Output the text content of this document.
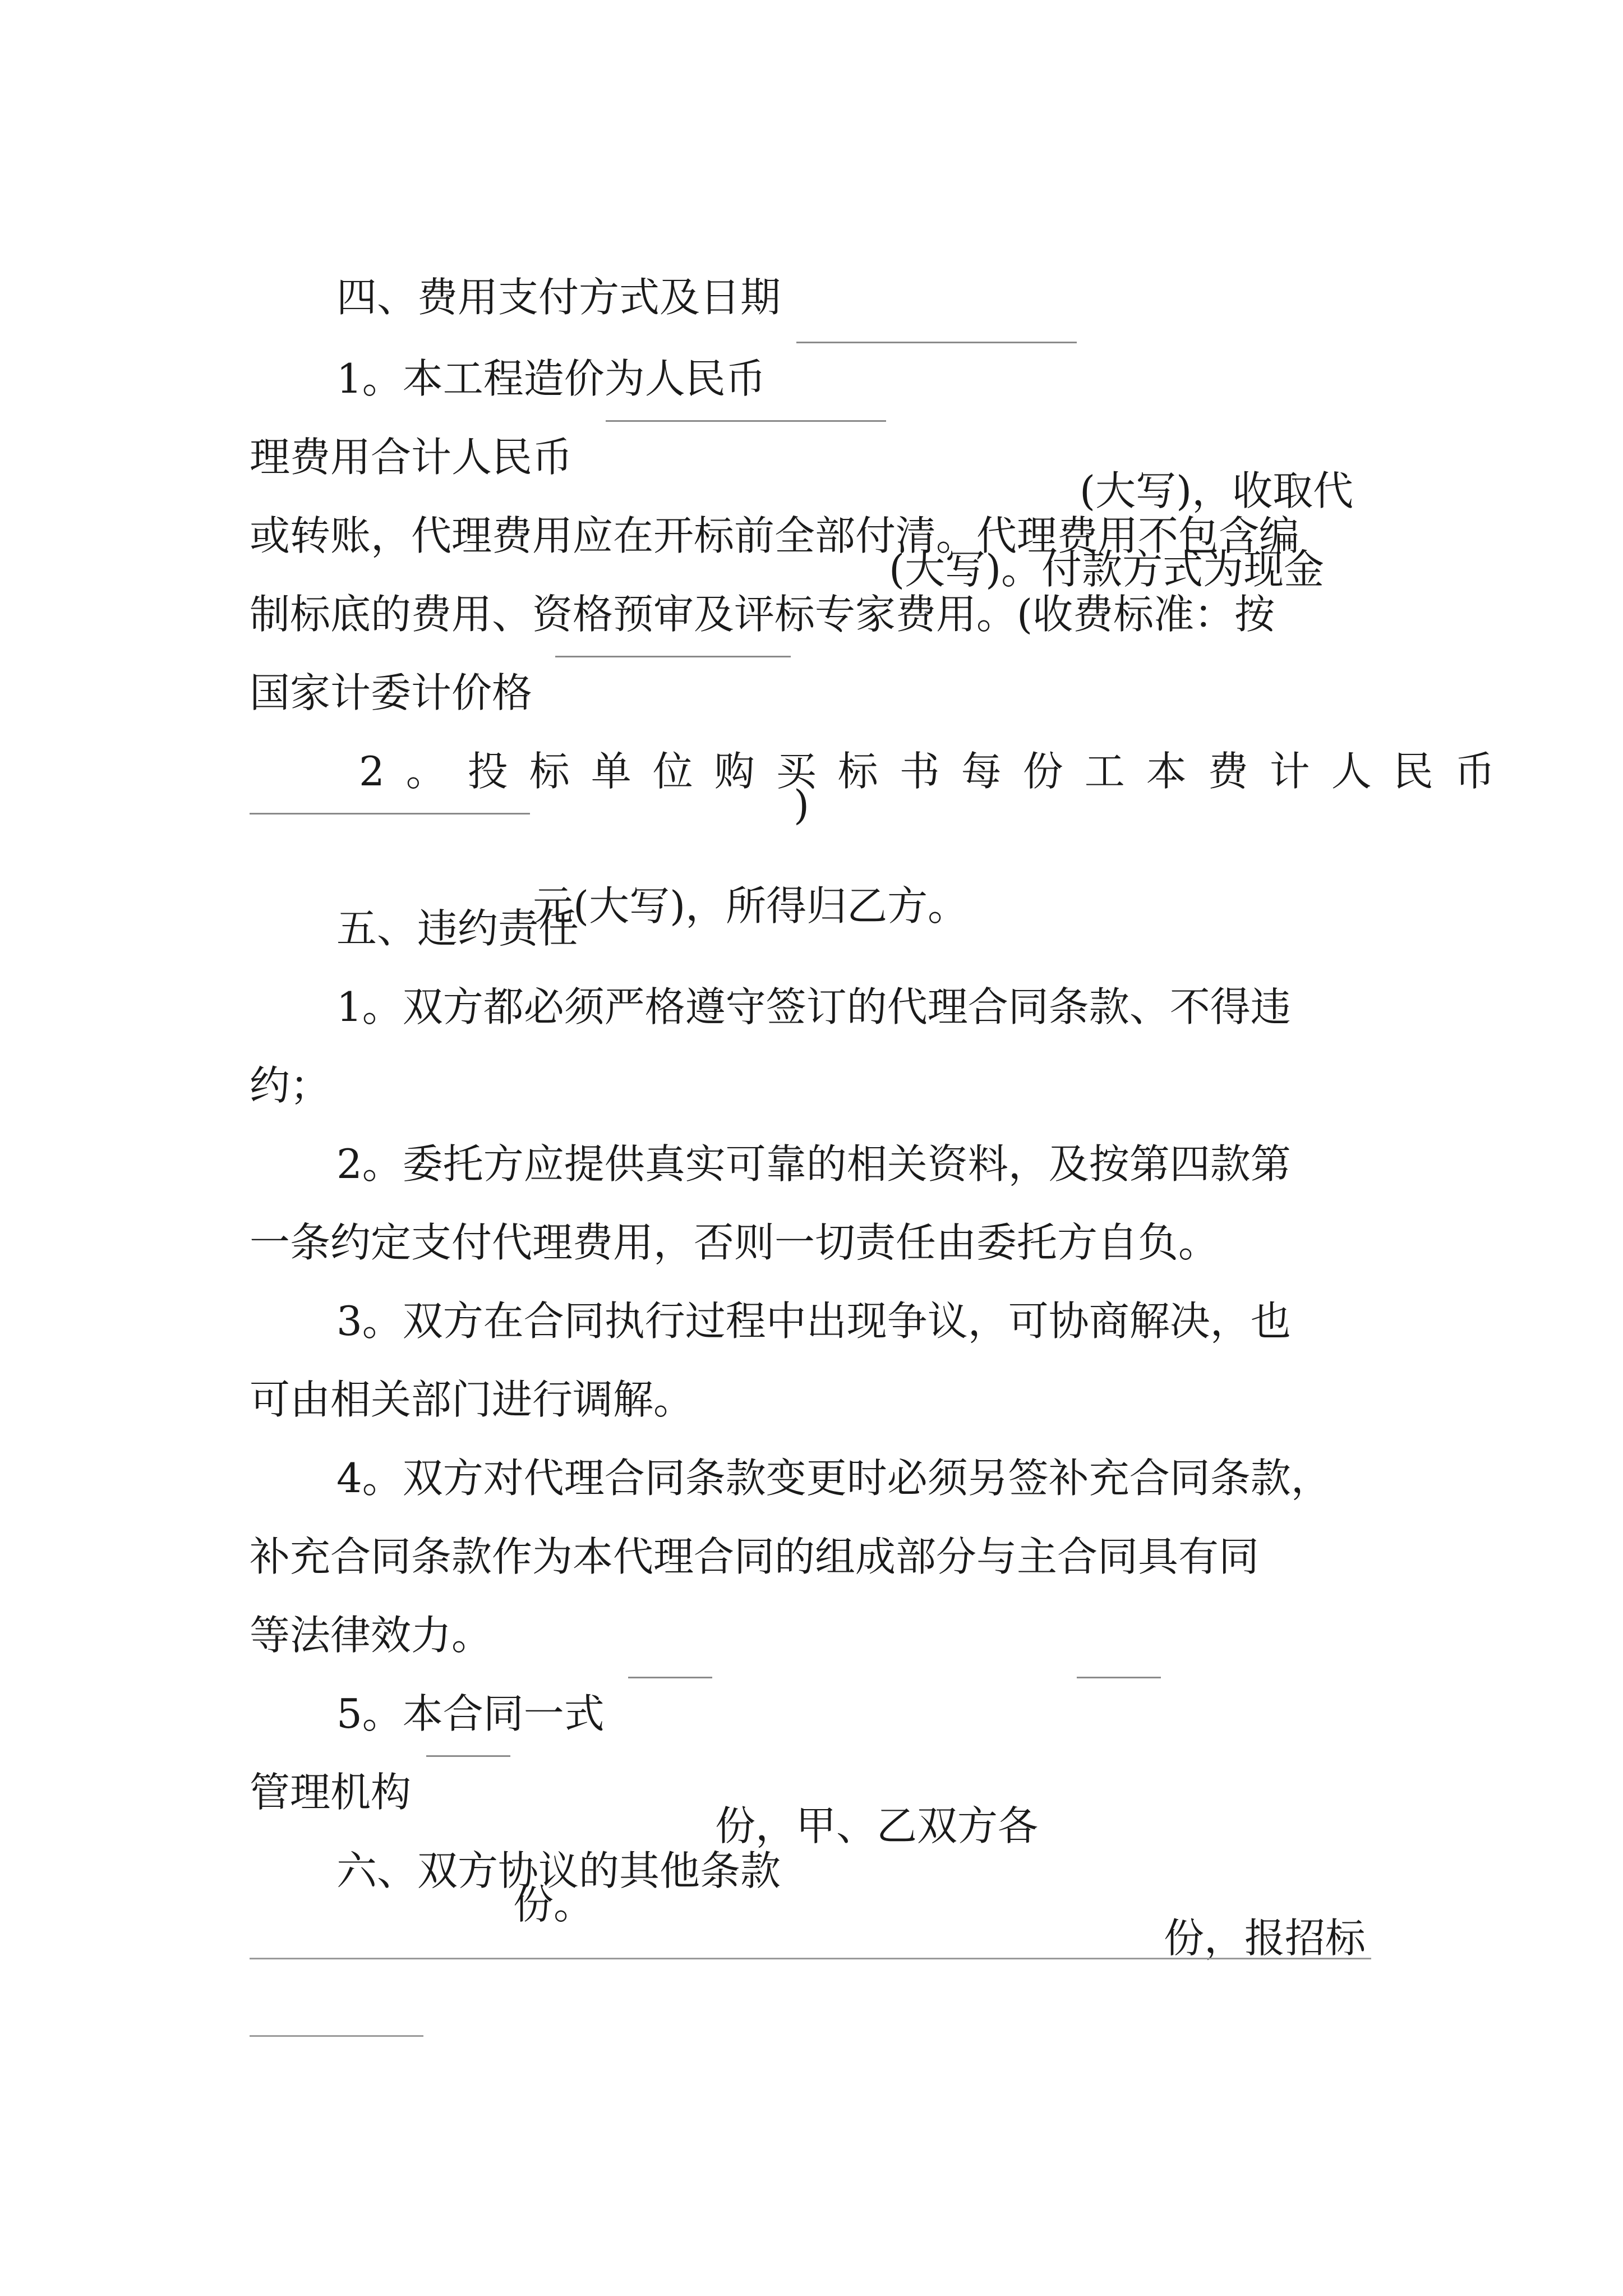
四、费用支付方式及日期

1。本工程造价为人民币

(大写)，收取代

理费用合计人民币

(大写)。付款方式为现金

或转账，代理费用应在开标前全部付清。代理费用不包含编

制标底的费用、资格预审及评标专家费用。(收费标准：按

国家计委计价格

)

2。投标单位购买标书每份工本费计人民币

元(大写)，所得归乙方。

五、违约责任

1。双方都必须严格遵守签订的代理合同条款、不得违

约；

2。委托方应提供真实可靠的相关资料，及按第四款第

一条约定支付代理费用，否则一切责任由委托方自负。

3。双方在合同执行过程中出现争议，可协商解决，也

可由相关部门进行调解。

4。双方对代理合同条款变更时必须另签补充合同条款，

补充合同条款作为本代理合同的组成部分与主合同具有同

等法律效力。

5。本合同一式

份，甲、乙双方各

份，报招标

管理机构

份。

六、双方协议的其他条款
